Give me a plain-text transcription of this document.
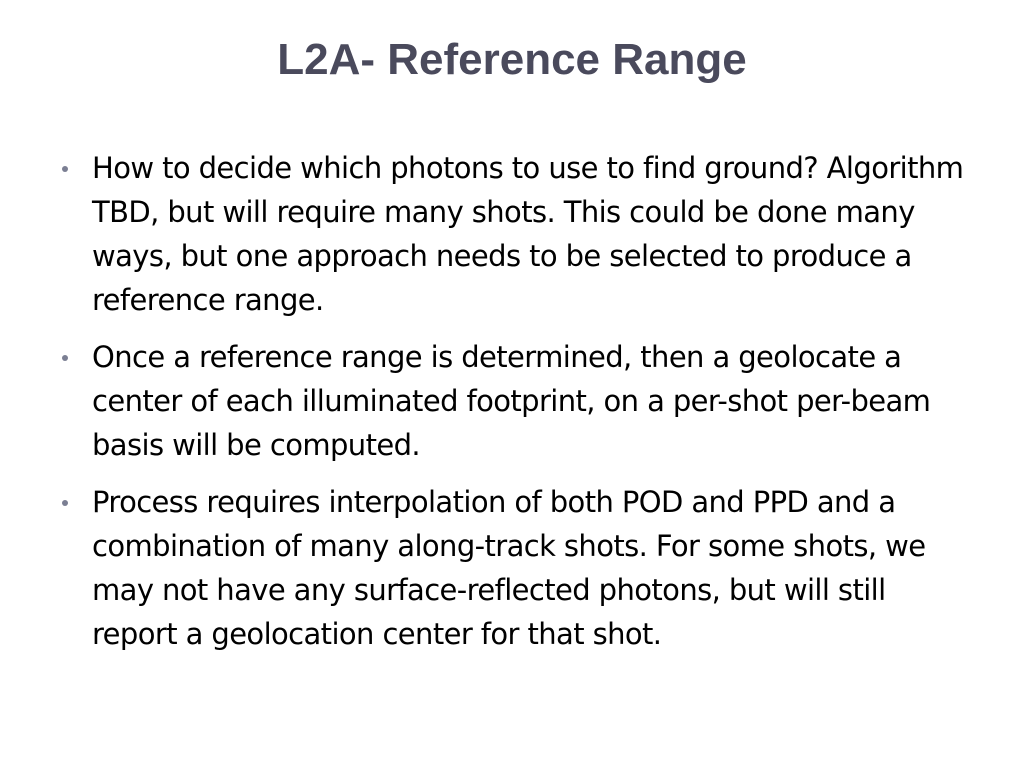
L2A- Reference Range
How to decide which photons to use to find ground? Algorithm TBD, but will require many shots. This could be done many ways, but one approach needs to be selected to produce a reference range.
Once a reference range is determined, then a geolocate a center of each illuminated footprint, on a per-shot per-beam basis will be computed.
Process requires interpolation of both POD and PPD and a combination of many along-track shots. For some shots, we may not have any surface-reflected photons, but will still report a geolocation center for that shot.
